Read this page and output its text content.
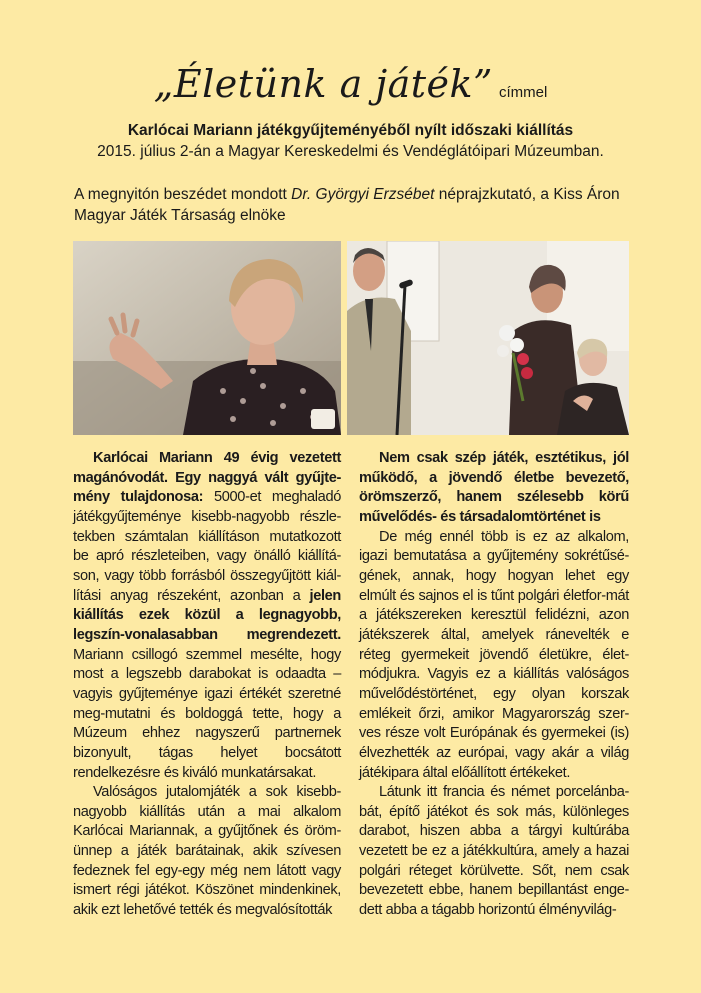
„Életünk a játék” címmel
Karlócai Mariann játékgyűjteményéből nyílt időszaki kiállítás
2015. július 2-án a Magyar Kereskedelmi és Vendéglátóipari Múzeumban.
A megnyitón beszédet mondott Dr. Györgyi Erzsébet néprajzkutató, a Kiss Áron Magyar Játék Társaság elnöke

Karlócai Mariann 49 évig vezetett magánóvodát. Egy naggyá vált gyűjte-mény tulajdonosa: 5000-et meghaladó játékgyűjteménye kisebb-nagyobb részle-tekben számtalan kiállításon mutatkozott be apró részleteiben, vagy önálló kiállítá-son, vagy több forrásból összegyűjtött kiál-lítási anyag részeként, azonban a jelen kiállítás ezek közül a legnagyobb, legszín-vonalasabban megrendezett. Mariann csillogó szemmel mesélte, hogy most a legszebb darabokat is odaadta – vagyis gyűjteménye igazi értékét szeretné meg-mutatni és boldoggá tette, hogy a Múzeum ehhez nagyszerű partnernek bizonyult, tágas helyet bocsátott rendelkezésre és kiváló munkatársakat.

Valóságos jutalomjáték a sok kisebb-nagyobb kiállítás után a mai alkalom Karlócai Mariannak, a gyűjtőnek és öröm-ünnep a játék barátainak, akik szívesen fedeznek fel egy-egy még nem látott vagy ismert régi játékot. Köszönet mindenkinek, akik ezt lehetővé tették és megvalósították

Nem csak szép játék, esztétikus, jól működő, a jövendő életbe bevezető, örömszerző, hanem szélesebb körű művelődés- és társadalomtörténet is

De még ennél több is ez az alkalom, igazi bemutatása a gyűjtemény sokrétűsé-gének, annak, hogy hogyan lehet egy elmúlt és sajnos el is tűnt polgári életfor-mát a játékszereken keresztül felidézni, azon játékszerek által, amelyek ránevelték e réteg gyermekeit jövendő életükre, élet-módjukra. Vagyis ez a kiállítás valóságos művelődéstörténet, egy olyan korszak emlékeit őrzi, amikor Magyarország szer-ves része volt Európának és gyermekei (is) élvezhették az európai, vagy akár a világ játékipara által előállított értékeket.

Látunk itt francia és német porcelánba-bát, építő játékot és sok más, különleges darabot, hiszen abba a tárgyi kultúrába vezetett be ez a játékkultúra, amely a hazai polgári réteget körülvette. Sőt, nem csak bevezetett ebbe, hanem bepillantást enge-dett abba a tágabb horizontú élményvilág-
